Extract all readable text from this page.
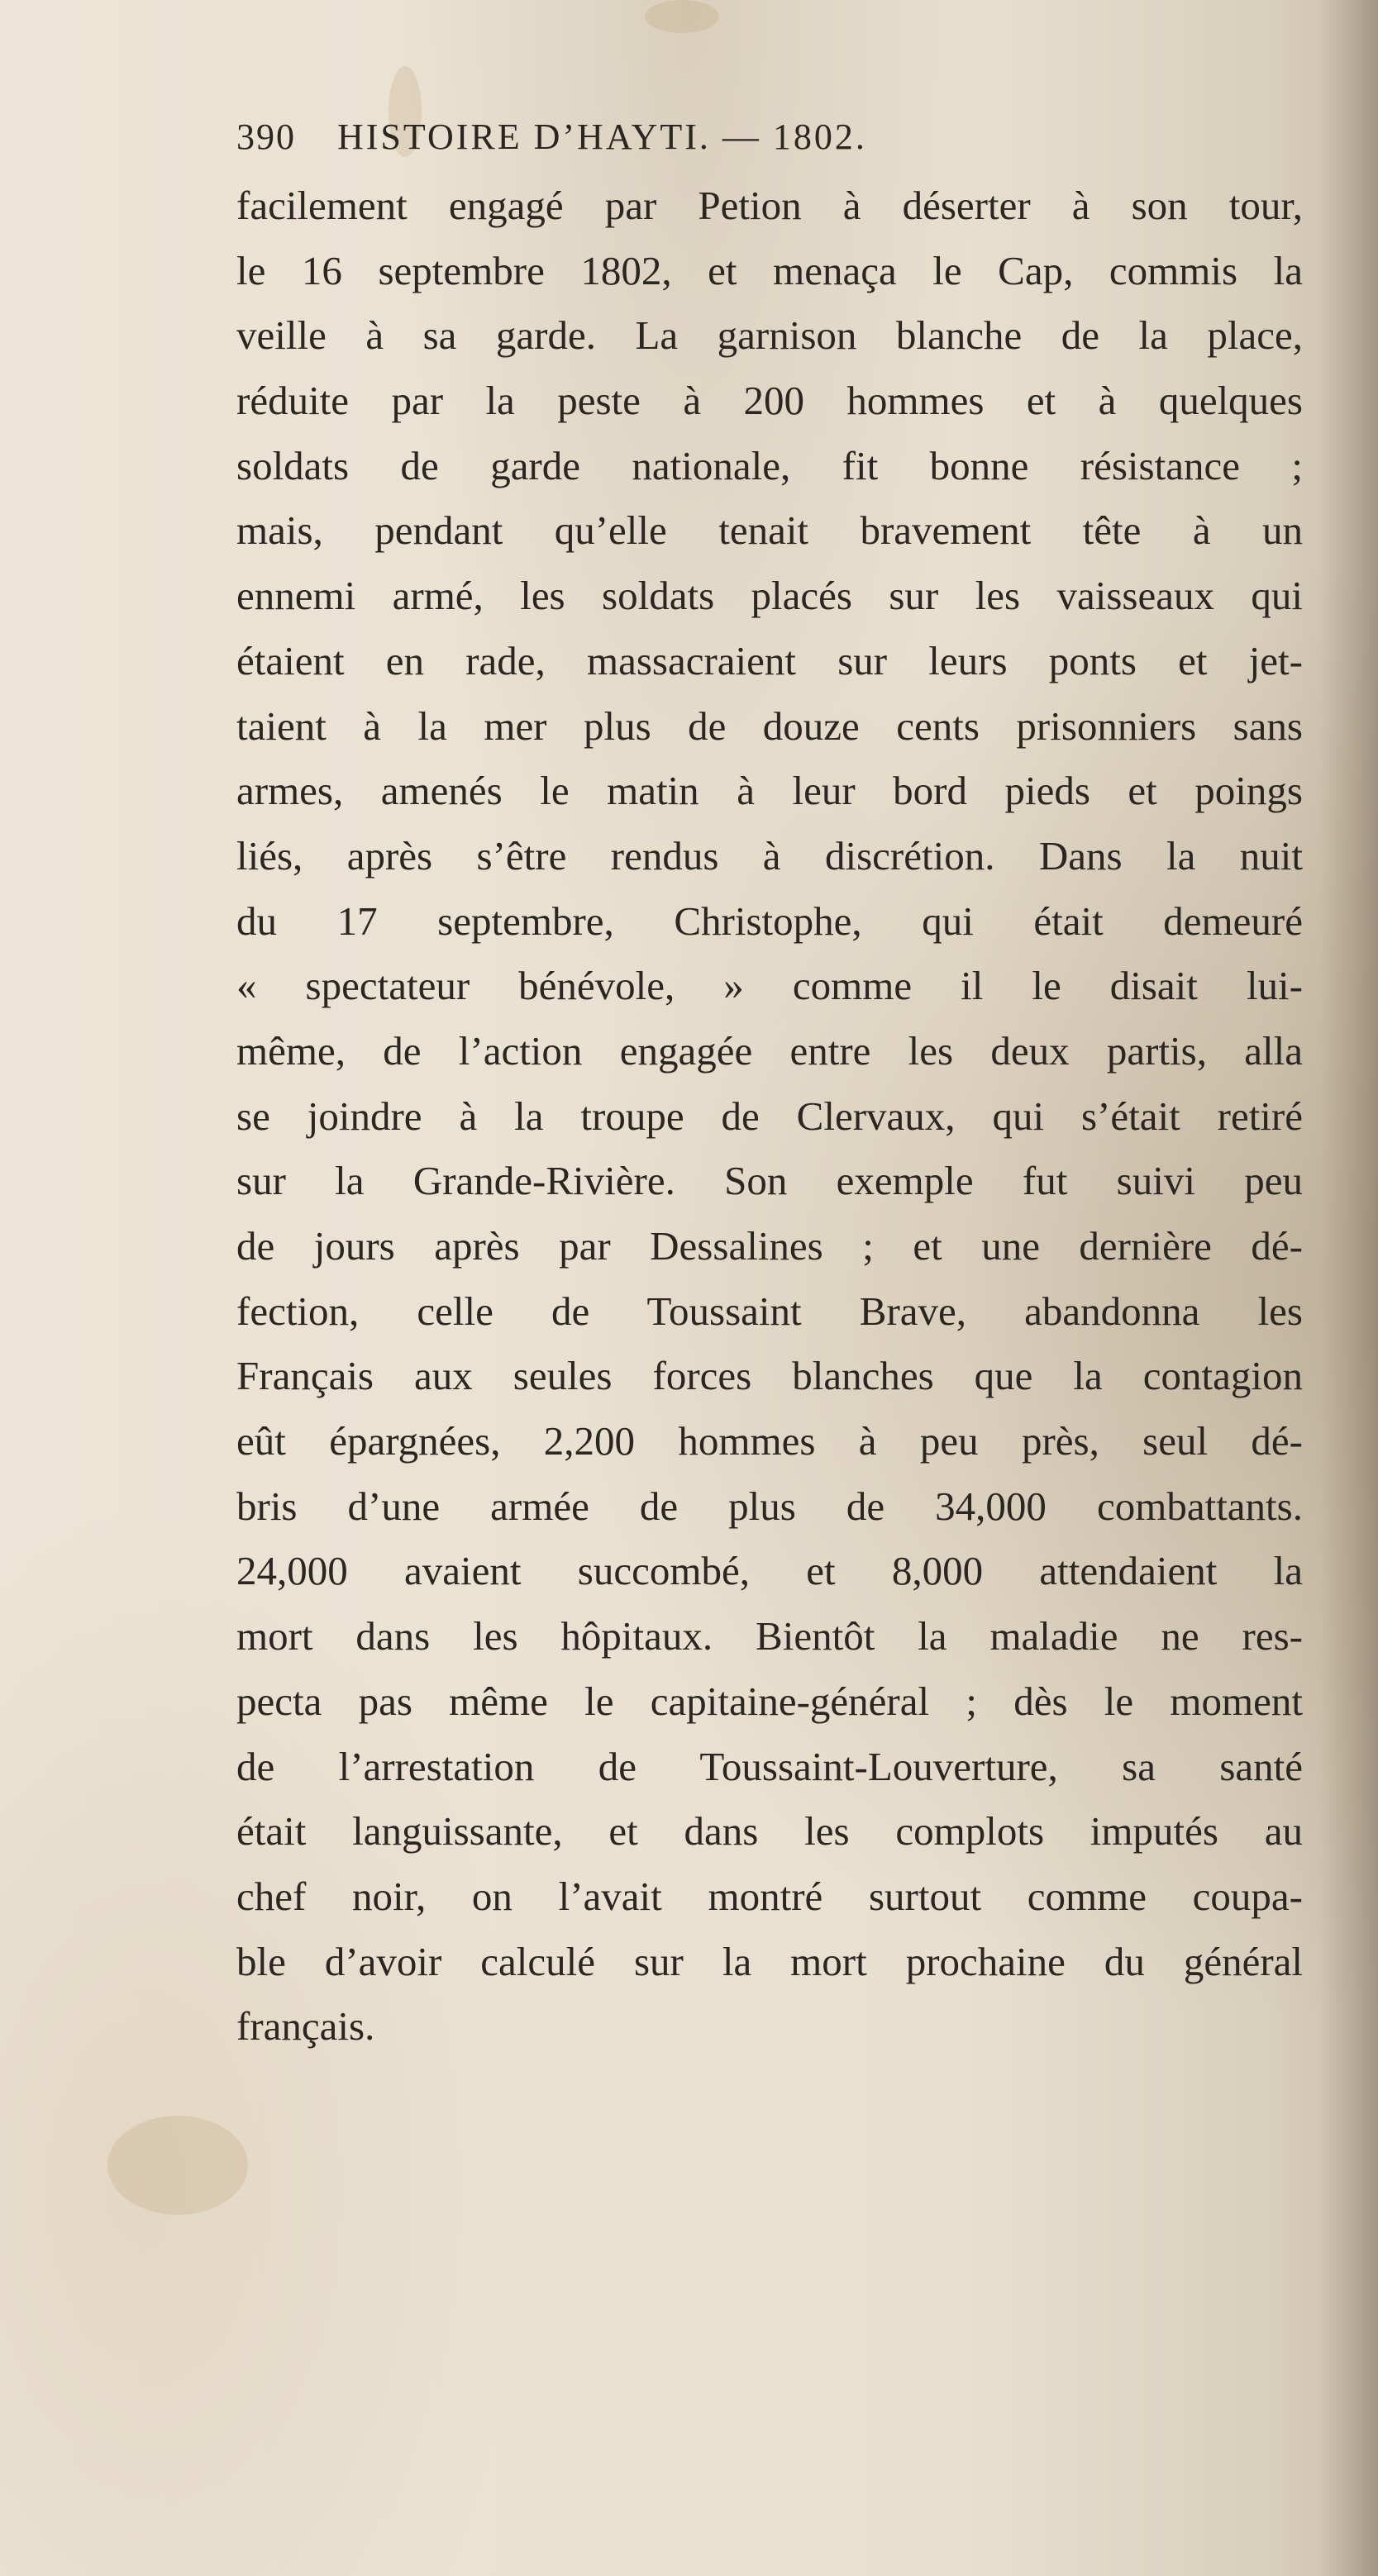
390 HISTOIRE D’HAYTI. — 1802.
facilement engagé par Petion à déserter à son tour,
le 16 septembre 1802, et menaça le Cap, commis la
veille à sa garde. La garnison blanche de la place,
réduite par la peste à 200 hommes et à quelques
soldats de garde nationale, fit bonne résistance ;
mais, pendant qu’elle tenait bravement tête à un
ennemi armé, les soldats placés sur les vaisseaux qui
étaient en rade, massacraient sur leurs ponts et jet-
taient à la mer plus de douze cents prisonniers sans
armes, amenés le matin à leur bord pieds et poings
liés, après s’être rendus à discrétion. Dans la nuit
du 17 septembre, Christophe, qui était demeuré
« spectateur bénévole, » comme il le disait lui-
même, de l’action engagée entre les deux partis, alla
se joindre à la troupe de Clervaux, qui s’était retiré
sur la Grande-Rivière. Son exemple fut suivi peu
de jours après par Dessalines ; et une dernière dé-
fection, celle de Toussaint Brave, abandonna les
Français aux seules forces blanches que la contagion
eût épargnées, 2,200 hommes à peu près, seul dé-
bris d’une armée de plus de 34,000 combattants.
24,000 avaient succombé, et 8,000 attendaient la
mort dans les hôpitaux. Bientôt la maladie ne res-
pecta pas même le capitaine-général ; dès le moment
de l’arrestation de Toussaint-Louverture, sa santé
était languissante, et dans les complots imputés au
chef noir, on l’avait montré surtout comme coupa-
ble d’avoir calculé sur la mort prochaine du général
français.
